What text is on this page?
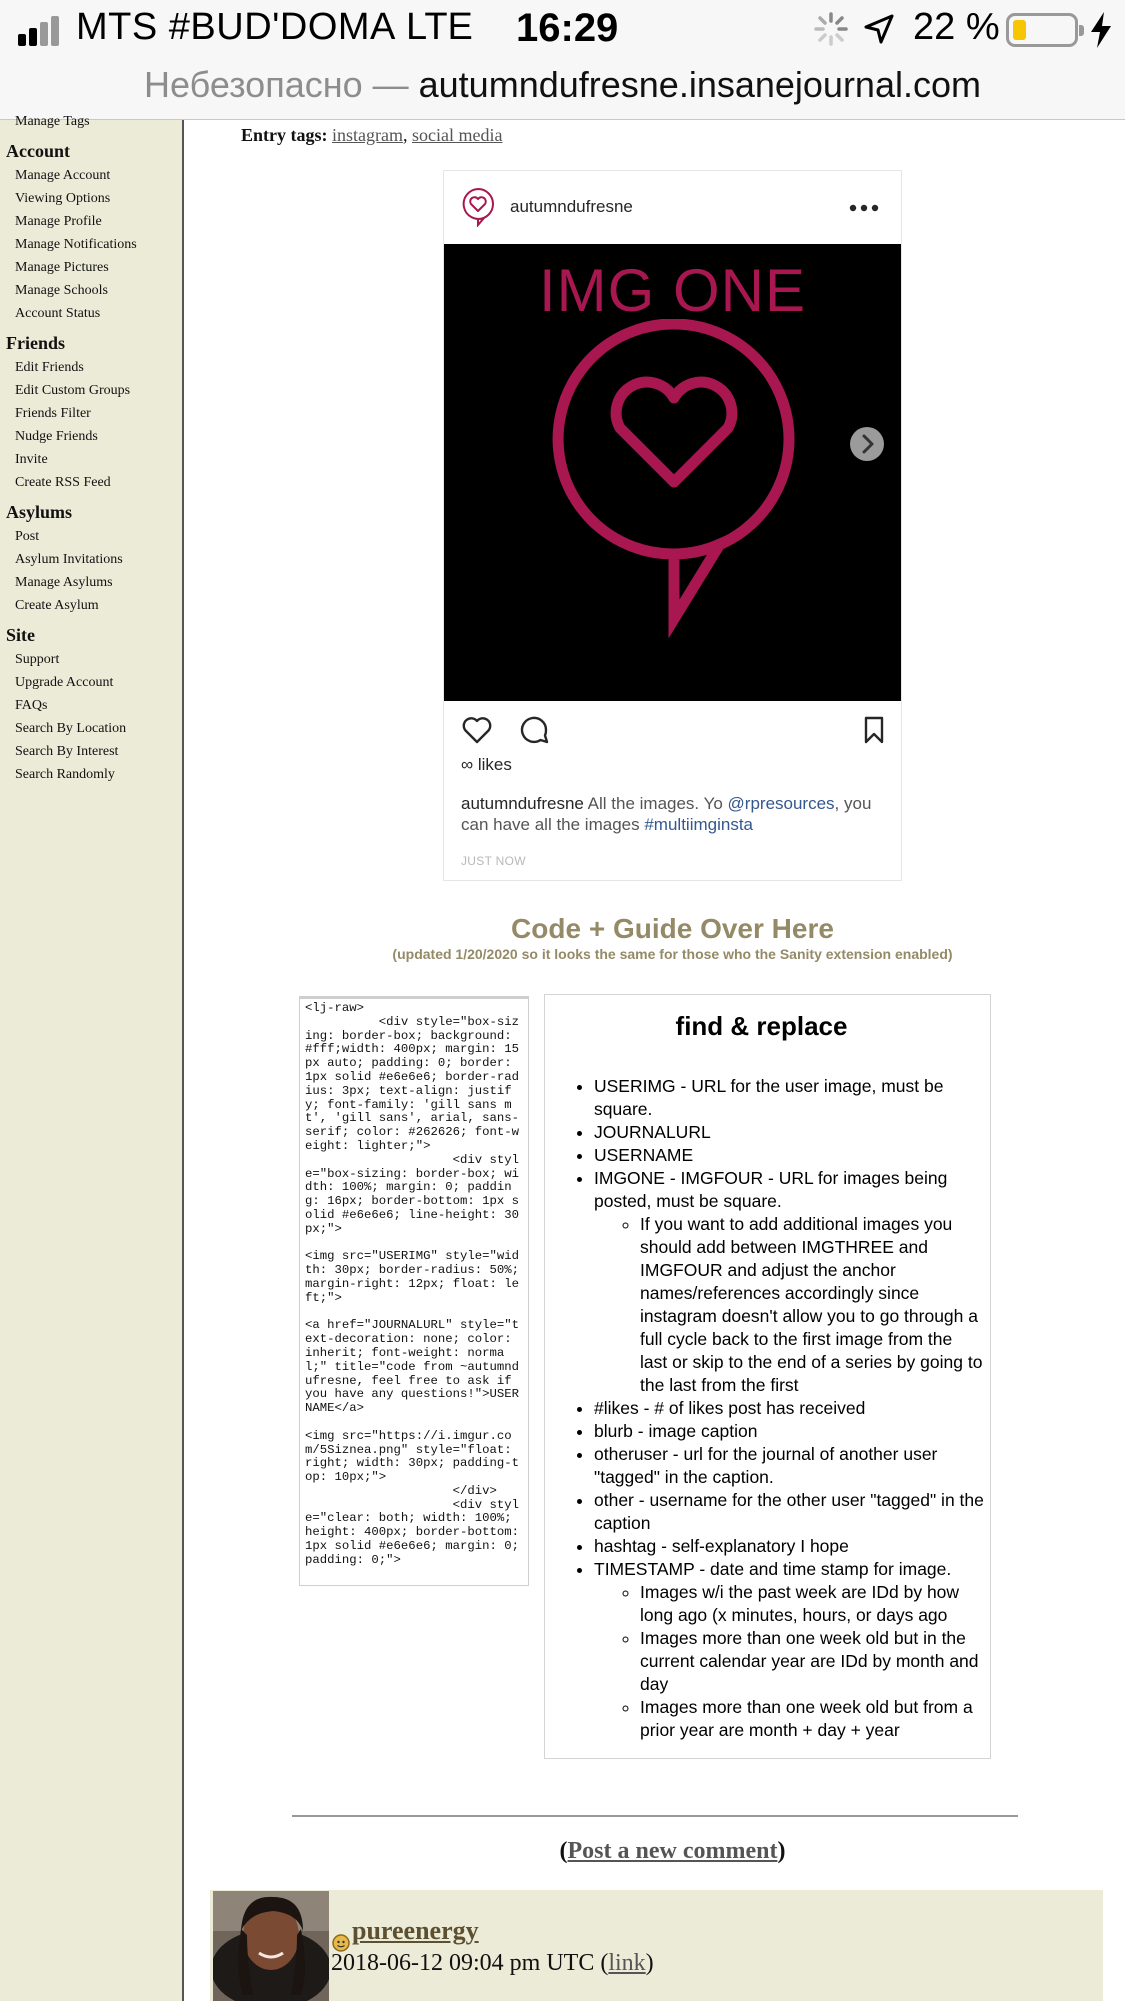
MTS #BUD'DOMA LTE 16:29	22 %
Небезопасно — autumndufresne.insanejournal.com
Manage Tags
Account
Manage Account
Viewing Options
Manage Profile
Manage Notifications
Manage Pictures
Manage Schools
Account Status
Friends
Edit Friends
Edit Custom Groups
Friends Filter
Nudge Friends
Invite
Create RSS Feed
Asylums
Post
Asylum Invitations
Manage Asylums
Create Asylum
Site
Support
Upgrade Account
FAQs
Search By Location
Search By Interest
Search Randomly
Entry tags: instagram, social media
autumndufresne
IMG ONE
∞ likes
autumndufresne All the images. Yo @rpresources, you can have all the images #multiimginsta
JUST NOW
Code + Guide Over Here
(updated 1/20/2020 so it looks the same for those who the Sanity extension enabled)
<lj-raw>
<div style="box-sizing: border-box; background: #fff;width: 400px; margin: 15px auto; padding: 0; border: 1px solid #e6e6e6; border-radius: 3px; text-align: justify; font-family: 'gill sans mt', 'gill sans', arial, sans-serif; color: #262626; font-weight: lighter;">
<div style="box-sizing: border-box; width: 100%; margin: 0; padding: 16px; border-bottom: 1px solid #e6e6e6; line-height: 30px;">
<img src="USERIMG" style="width: 30px; border-radius: 50%; margin-right: 12px; float: left;">
<a href="JOURNALURL" style="text-decoration: none; color: inherit; font-weight: normal;" title="code from ~autumndufresne, feel free to ask if you have any questions!">USERNAME</a>
<img src="https://i.imgur.com/5Sizneа.png" style="float: right; width: 30px; padding-top: 10px;">
</div>
<div style="clear: both; width: 100%; height: 400px; border-bottom: 1px solid #e6e6e6; margin: 0; padding: 0;">
find & replace
• USERIMG - URL for the user image, must be square.
• JOURNALURL
• USERNAME
• IMGONE - IMGFOUR - URL for images being posted, must be square.
◦ If you want to add additional images you should add between IMGTHREE and IMGFOUR and adjust the anchor names/references accordingly since instagram doesn't allow you to go through a full cycle back to the first image from the last or skip to the end of a series by going to the last from the first
• #likes - # of likes post has received
• blurb - image caption
• otheruser - url for the journal of another user "tagged" in the caption.
• other - username for the other user "tagged" in the caption
• hashtag - self-explanatory I hope
• TIMESTAMP - date and time stamp for image.
◦ Images w/i the past week are IDd by how long ago (x minutes, hours, or days ago
◦ Images more than one week old but in the current calendar year are IDd by month and day
◦ Images more than one week old but from a prior year are month + day + year
(Post a new comment)
pureenergy
2018-06-12 09:04 pm UTC (link)
